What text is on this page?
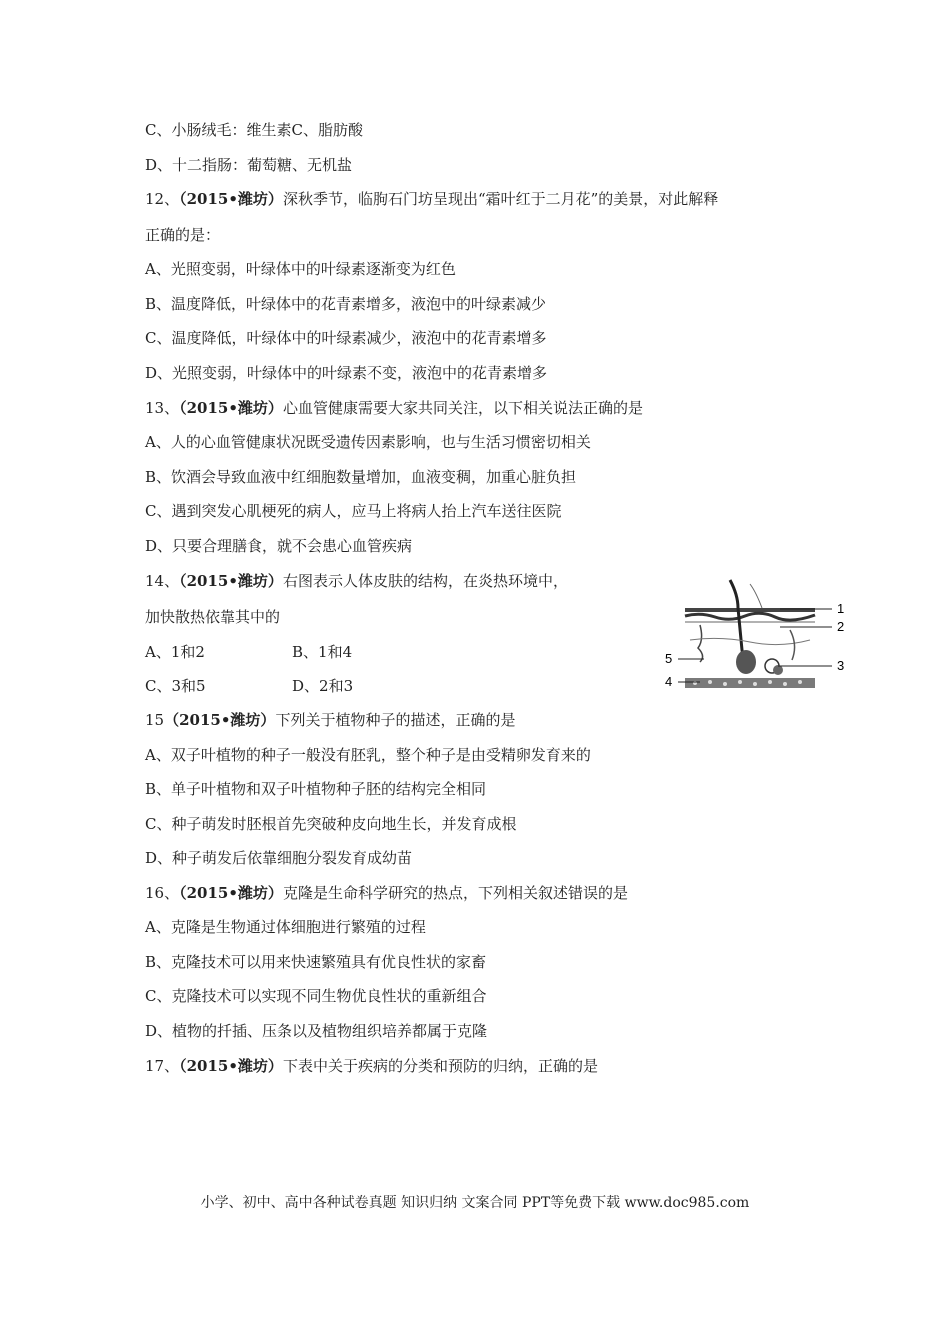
C、小肠绒毛：维生素C、脂肪酸
D、十二指肠：葡萄糖、无机盐
12、（2015•潍坊）深秋季节，临朐石门坊呈现出“霜叶红于二月花”的美景，对此解释
正确的是：
A、光照变弱，叶绿体中的叶绿素逐渐变为红色
B、温度降低，叶绿体中的花青素增多，液泡中的叶绿素减少
C、温度降低，叶绿体中的叶绿素减少，液泡中的花青素增多
D、光照变弱，叶绿体中的叶绿素不变，液泡中的花青素增多
13、（2015•潍坊）心血管健康需要大家共同关注，以下相关说法正确的是
A、人的心血管健康状况既受遗传因素影响，也与生活习惯密切相关
B、饮酒会导致血液中红细胞数量增加，血液变稠，加重心脏负担
C、遇到突发心肌梗死的病人，应马上将病人抬上汽车送往医院
D、只要合理膳食，就不会患心血管疾病
14、（2015•潍坊）右图表示人体皮肤的结构，在炎热环境中，
加快散热依靠其中的
A、1和2	B、1和4
C、3和5	D、2和3
1
2
3
4
5
15（2015•潍坊）下列关于植物种子的描述，正确的是
A、双子叶植物的种子一般没有胚乳，整个种子是由受精卵发育来的
B、单子叶植物和双子叶植物种子胚的结构完全相同
C、种子萌发时胚根首先突破种皮向地生长，并发育成根
D、种子萌发后依靠细胞分裂发育成幼苗
16、（2015•潍坊）克隆是生命科学研究的热点，下列相关叙述错误的是
A、克隆是生物通过体细胞进行繁殖的过程
B、克隆技术可以用来快速繁殖具有优良性状的家畜
C、克隆技术可以实现不同生物优良性状的重新组合
D、植物的扦插、压条以及植物组织培养都属于克隆
17、（2015•潍坊）下表中关于疾病的分类和预防的归纳，正确的是
小学、初中、高中各种试卷真题 知识归纳 文案合同 PPT等免费下载 www.doc985.com
